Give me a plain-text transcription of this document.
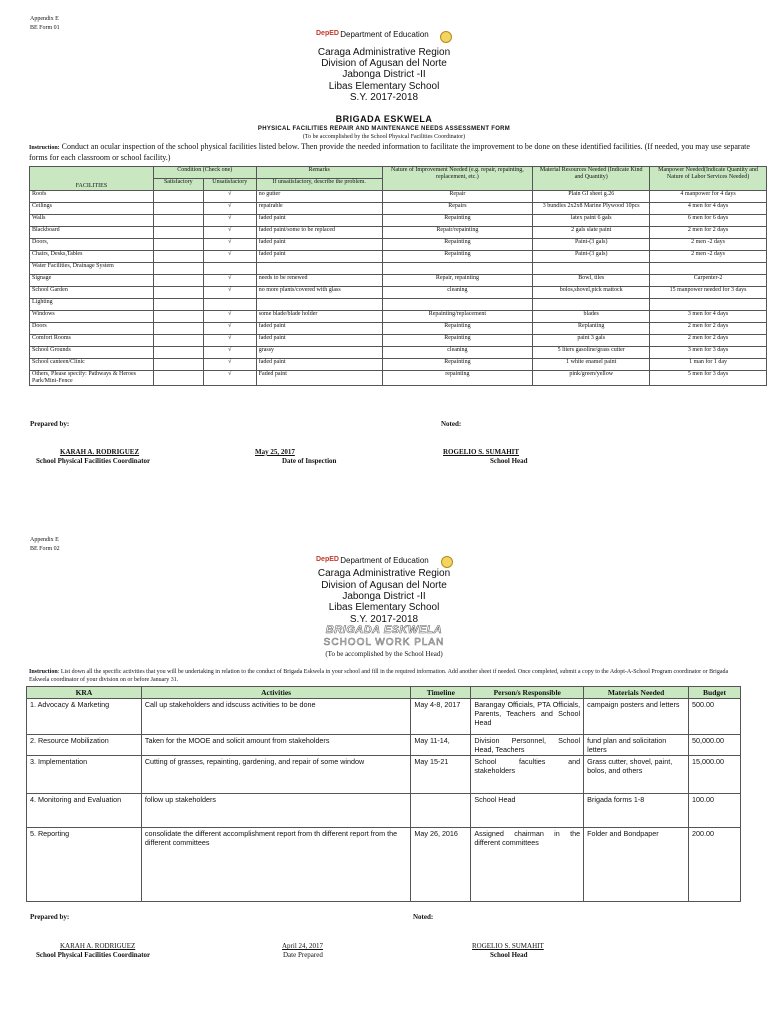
Appendix E
BE Form 01
DepED Department of Education
Caraga Administrative Region
Division of Agusan del Norte
Jabonga District -II
Libas Elementary School
S.Y. 2017-2018
BRIGADA ESKWELA
PHYSICAL FACILITIES REPAIR AND MAINTENANCE NEEDS ASSESSMENT FORM
(To be accomplished by the School Physical Facilities Coordinator)
Instruction: Conduct an ocular inspection of the school physical facilities listed below. Then provide the needed information to facilitate the improvement to be done on these identified facilities. (If needed, you may use separate forms for each classroom or school facility.)
FACILITIES	Condition (Check one)		Remarks	Nature of Improvement Needed (e.g. repair, repainting, replacement, etc.)	Material Resources Needed (Indicate Kind and Quantity)	Manpower Needed(Indicate Quantity and Nature of Labor Services Needed)
	Satisfactory	Unsatisfactory	If unsatisfactory, describe the problem.			
Roofs		√	no gutter	Repair	Plain GI sheet g.26	4 manpower for 4 days
Ceilings		√	repairable	Repairs	3 bundles 2x2x8 Marine Plywood 10pcs	4 men for 4 days
Walls		√	faded paint	Repainting	latex paint 6 gals	6 men for 6 days
Blackboard		√	faded paint/some to be replaced	Repair/repainting	2 gals slate paint	2 men for 2 days
Doors,		√	faded paint	Repainting	Paint-(3 gals)	2 men -2 days
Chairs, Desks,Tables		√	faded paint	Repainting	Paint-(3 gals)	2 men -2 days
Water Facilities, Drainage System						
Signage		√	needs to be renewed	Repair, repainting	Bowl, tiles	Carpenter-2
School Garden		√	no more plants/covered with glass	cleaning	bolos,shovel,pick mattock	15 manpower needed for 3 days
Lighting						
Windows		√	some blade/blade holder	Repainting/replacement	blades	3 men for 4 days
Doors		√	faded paint	Repainting	Replanting	2 men for 2 days
Comfort Rooms		√	faded paint	Repainting	paint 3 gals	2 men for 2 days
School Grounds		√	grassy	cleaning	5 liters gasoline/grass cutter	3 men for 3 days
School canteen/Clinic		√	faded paint	Repainting	1 white enamel paint	1 man for 1 day
Others, Please specify: Pathways & Heroes Park/Mini-Fence		√	Faded paint	repainting	pink/green/yellow	5 men for 3 days
Prepared by:	Noted:
KARAH A. RODRIGUEZ
School Physical Facilities Coordinator
May 25, 2017
Date of Inspection
ROGELIO S. SUMAHIT
School Head
Appendix E
BE Form 02
DepED Department of Education
Caraga Administrative Region
Division of Agusan del Norte
Jabonga District -II
Libas Elementary School
S.Y. 2017-2018
BRIGADA ESKWELA
SCHOOL WORK PLAN
(To be accomplished by the School Head)
Instruction: List down all the specific activities that you will be undertaking in relation to the conduct of Brigada Eskwela in your school and fill in the required information. Add another sheet if needed. Once completed, submit a copy to the Adopt-A-School Program coordinator or Brigada Eskwela coordinator of your division on or before January 31.
KRA	Activities	Timeline	Person/s Responsible	Materials Needed	Budget
1. Advocacy & Marketing	Call up stakeholders and idscuss activities to be done	May 4-8, 2017	Barangay Officials, PTA Officials, Parents, Teachers and School Head	campaign posters and letters	500.00
2. Resource Mobilization	Taken for the MOOE and solicit amount from stakeholders	May 11-14,	Division Personnel, School Head, Teachers	fund plan and solicitation letters	50,000.00
3. Implementation	Cutting of grasses, repainting, gardening, and repair of some window	May 15-21	School faculties and stakeholders	Grass cutter, shovel, paint, bolos, and others	15,000.00
4. Monitoring and Evaluation	follow up stakeholders		School Head	Brigada forms 1-8	100.00
5. Reporting	consolidate the different accomplishment report from th different report from the different committees	May 26, 2016	Assigned chairman in the different committees	Folder and Bondpaper	200.00
Prepared by:	Noted:
KARAH A. RODRIGUEZ
School Physical Facilities Coordinator
April 24, 2017
Date Prepared
ROGELIO S. SUMAHIT
School Head
